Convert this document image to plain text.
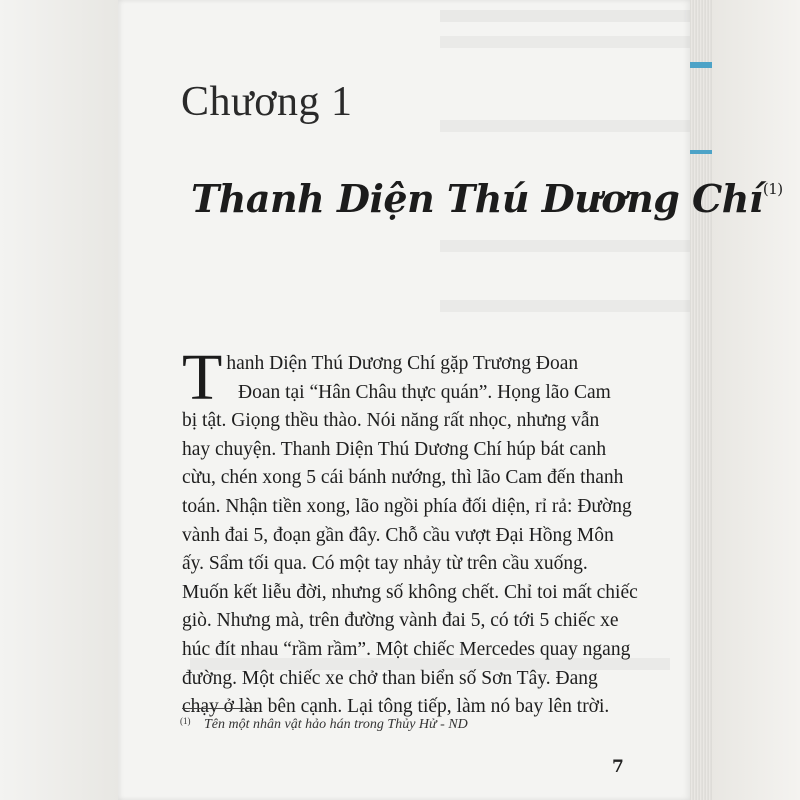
Chương 1
Thanh Diện Thú Dương Chí$^{(1)}$
T hanh Diện Thú Dương Chí gặp Trương Đoan
Đoan tại “Hân Châu thực quán”. Họng lão Cam
bị tật. Giọng thều thào. Nói năng rất nhọc, nhưng vẫn
hay chuyện. Thanh Diện Thú Dương Chí húp bát canh
cừu, chén xong 5 cái bánh nướng, thì lão Cam đến thanh
toán. Nhận tiền xong, lão ngồi phía đối diện, rỉ rả: Đường
vành đai 5, đoạn gần đây. Chỗ cầu vượt Đại Hồng Môn
ấy. Sẩm tối qua. Có một tay nhảy từ trên cầu xuống.
Muốn kết liễu đời, nhưng số không chết. Chỉ toi mất chiếc
giò. Nhưng mà, trên đường vành đai 5, có tới 5 chiếc xe
húc đít nhau “rầm rầm”. Một chiếc Mercedes quay ngang
đường. Một chiếc xe chở than biển số Sơn Tây. Đang
chạy ở làn bên cạnh. Lại tông tiếp, làm nó bay lên trời.
$^{(1)}$ Tên một nhân vật hảo hán trong Thủy Hử - ND
7
